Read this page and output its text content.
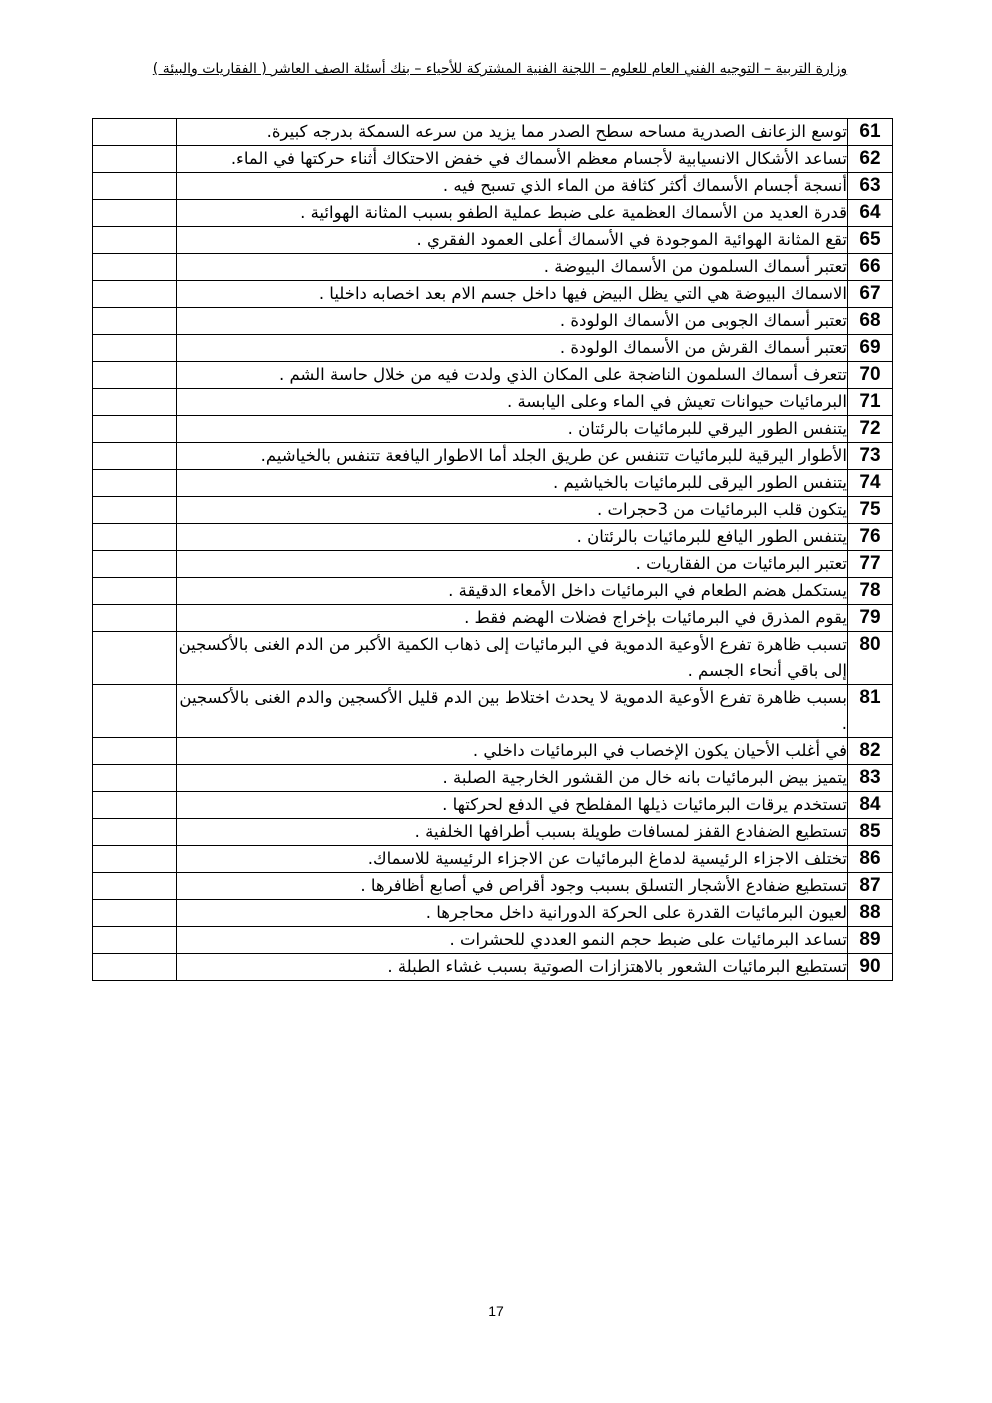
وزارة التربية – التوجيه الفني العام للعلوم – اللجنة الفنية المشتركة للأحياء – بنك أسئلة الصف العاشر ( الفقاريات والبيئة )
61	توسع الزعانف الصدرية مساحه سطح الصدر مما يزيد من سرعه السمكة بدرجه كبيرة.	
62	تساعد الأشكال الانسيابية لأجسام معظم الأسماك في خفض الاحتكاك أثناء حركتها في الماء.	
63	أنسجة أجسام الأسماك أكثر كثافة من الماء الذي تسبح فيه .	
64	قدرة العديد من الأسماك العظمية على ضبط عملية الطفو بسبب المثانة الهوائية .	
65	تقع المثانة الهوائية الموجودة في الأسماك أعلى العمود الفقري .	
66	تعتبر أسماك السلمون من الأسماك البيوضة .	
67	الاسماك البيوضة هي التي يظل البيض فيها داخل جسم الام بعد اخصابه داخليا .	
68	تعتبر أسماك الجوبى من الأسماك الولودة .	
69	تعتبر أسماك القرش من الأسماك الولودة .	
70	تتعرف أسماك السلمون الناضجة على المكان الذي ولدت فيه من خلال حاسة الشم .	
71	البرمائيات حيوانات تعيش في الماء وعلى اليابسة .	
72	يتنفس الطور اليرقي للبرمائيات بالرئتان .	
73	الأطوار اليرقية للبرمائيات تتنفس عن طريق الجلد أما الاطوار اليافعة تتنفس بالخياشيم.	
74	يتنفس الطور اليرقى للبرمائيات بالخياشيم .	
75	يتكون قلب البرمائيات من 3حجرات .	
76	يتنفس الطور اليافع للبرمائيات بالرئتان .	
77	تعتبر البرمائيات من الفقاريات .	
78	يستكمل هضم الطعام في البرمائيات داخل الأمعاء الدقيقة .	
79	يقوم المذرق في البرمائيات بإخراج فضلات الهضم فقط .	
80	تسبب ظاهرة تفرع الأوعية الدموية في البرمائيات إلى ذهاب الكمية الأكبر من الدم الغنى بالأكسجين إلى باقي أنحاء الجسم .	
81	بسبب ظاهرة تفرع الأوعية الدموية لا يحدث اختلاط بين الدم قليل الأكسجين والدم الغنى بالأكسجين .	
82	في أغلب الأحيان يكون الإخصاب في البرمائيات داخلي .	
83	يتميز بيض البرمائيات بانه خال من القشور الخارجية الصلبة .	
84	تستخدم يرقات البرمائيات ذيلها المفلطح في الدفع لحركتها .	
85	تستطيع الضفادع القفز لمسافات طويلة بسبب أطرافها الخلفية .	
86	تختلف الاجزاء الرئيسية لدماغ البرمائيات عن الاجزاء الرئيسية للاسماك.	
87	تستطيع ضفادع الأشجار التسلق بسبب وجود أقراص في أصابع أظافرها .	
88	لعيون البرمائيات القدرة على الحركة الدورانية داخل محاجرها .	
89	تساعد البرمائيات على ضبط حجم النمو العددي للحشرات .	
90	تستطيع البرمائيات الشعور بالاهتزازات الصوتية بسبب غشاء الطبلة .	
17
